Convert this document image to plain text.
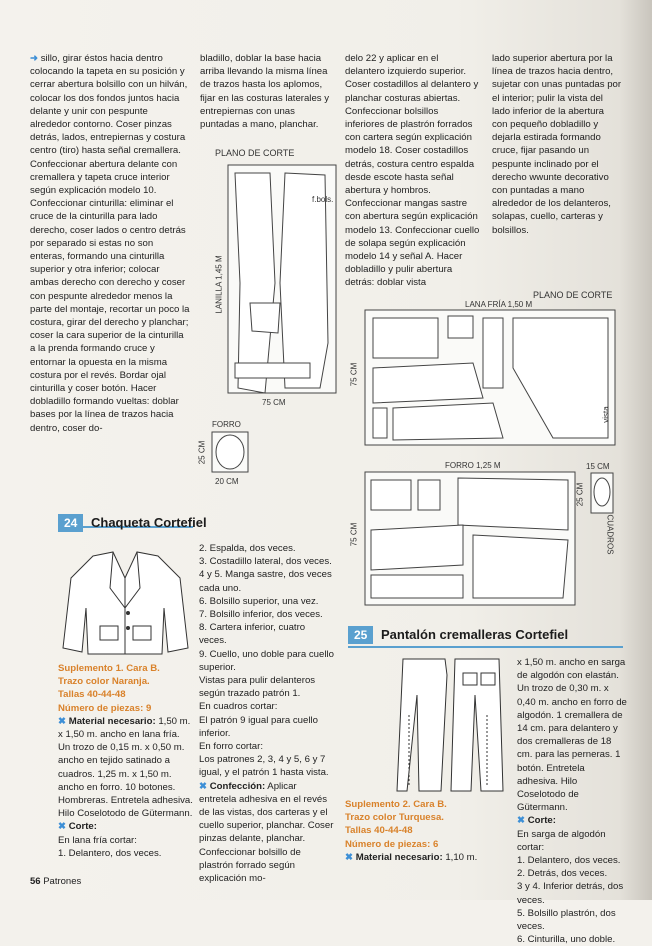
➜ sillo, girar éstos hacia dentro colocando la tapeta en su posición y cerrar abertura bolsillo con un hilván, colocar los dos fondos juntos hacia delante y unir con pespunte alrededor contorno. Coser pinzas detrás, lados, entrepiernas y costura centro (tiro) hasta señal cremallera. Confeccionar abertura delante con cremallera y tapeta cruce interior según explicación modelo 10. Confeccionar cinturilla: eliminar el cruce de la cinturilla para lado derecho, coser lados o centro detrás por separado si estas no son enteras, formando una cinturilla superior y otra inferior; colocar ambas derecho con derecho y coser con pespunte alrededor menos la parte del montaje, recortar un poco la costura, girar del derecho y planchar; coser la cara superior de la cinturilla a la prenda formando cruce y entornar la opuesta en la misma costura por el revés. Bordar ojal cinturilla y coser botón. Hacer dobladillo formando vueltas: doblar bases por la línea de trazos hacia dentro, coser do-

bladillo, doblar la base hacia arriba llevando la misma línea de trazos hasta los aplomos, fijar en las costuras laterales y entrepiernas con unas puntadas a mano, planchar.

PLANO DE CORTE
LANILLA 1,45 M
f.bols.
75 CM
FORRO
25 CM
20 CM

delo 22 y aplicar en el delantero izquierdo superior. Coser costadillos al delantero y planchar costuras abiertas. Confeccionar bolsillos inferiores de plastrón forrados con cartera según explicación modelo 18. Coser costadillos detrás, costura centro espalda desde escote hasta señal abertura y hombros. Confeccionar mangas sastre con abertura según explicación modelo 13. Confeccionar cuello de solapa según explicación modelo 14 y señal A. Hacer dobladillo y pulir abertura detrás: doblar vista

lado superior abertura por la línea de trazos hacia dentro, sujetar con unas puntadas por el interior; pulir la vista del lado inferior de la abertura con pequeño dobladillo y dejarla estirada formando cruce, fijar pasando un pespunte inclinado por el derecho wwunte decorativo con puntadas a mano alrededor de los delanteros, solapas, cuello, carteras y bolsillos.

PLANO DE CORTE
LANA FRÍA 1,50 M
75 CM
vista
FORRO 1,25 M	15 CM
75 CM
25 CM
CUADROS
24 Chaqueta Cortefiel

Suplemento 1. Cara B.

Trazo color Naranja.

Tallas 40-44-48

Número de piezas: 9

✖ Material necesario: 1,50 m. x 1,50 m. ancho en lana fría. Un trozo de 0,15 m. x 0,50 m. ancho en tejido satinado a cuadros. 1,25 m. x 1,50 m. ancho en forro. 10 botones. Hombreras. Entretela adhesiva. Hilo Coselotodo de Gütermann.

✖ Corte:

En lana fría cortar:

1. Delantero, dos veces.

2. Espalda, dos veces.

3. Costadillo lateral, dos veces.

4 y 5. Manga sastre, dos veces cada uno.

6. Bolsillo superior, una vez.

7. Bolsillo inferior, dos veces.

8. Cartera inferior, cuatro veces.

9. Cuello, uno doble para cuello superior.

Vistas para pulir delanteros según trazado patrón 1.

En cuadros cortar:

El patrón 9 igual para cuello inferior.

En forro cortar:

Los patrones 2, 3, 4 y 5, 6 y 7 igual, y el patrón 1 hasta vista.

✖ Confección: Aplicar entretela adhesiva en el revés de las vistas, dos carteras y el cuello superior, planchar. Coser pinzas delante, planchar. Confeccionar bolsillo de plastrón forrado según explicación mo-

25 Pantalón cremalleras Cortefiel

Suplemento 2. Cara B.

Trazo color Turquesa.

Tallas 40-44-48

Número de piezas: 6

✖ Material necesario: 1,10 m.

x 1,50 m. ancho en sarga de algodón con elastán. Un trozo de 0,30 m. x 0,40 m. ancho en forro de algodón. 1 cremallera de 14 cm. para delantero y dos cremalleras de 18 cm. para las perneras. 1 botón. Entretela adhesiva. Hilo Coselotodo de Gütermann.

✖ Corte:

En sarga de algodón cortar:

1. Delantero, dos veces.

2. Detrás, dos veces.

3 y 4. Inferior detrás, dos veces.

5. Bolsillo plastrón, dos veces.

6. Cinturilla, uno doble.

56 Patrones
